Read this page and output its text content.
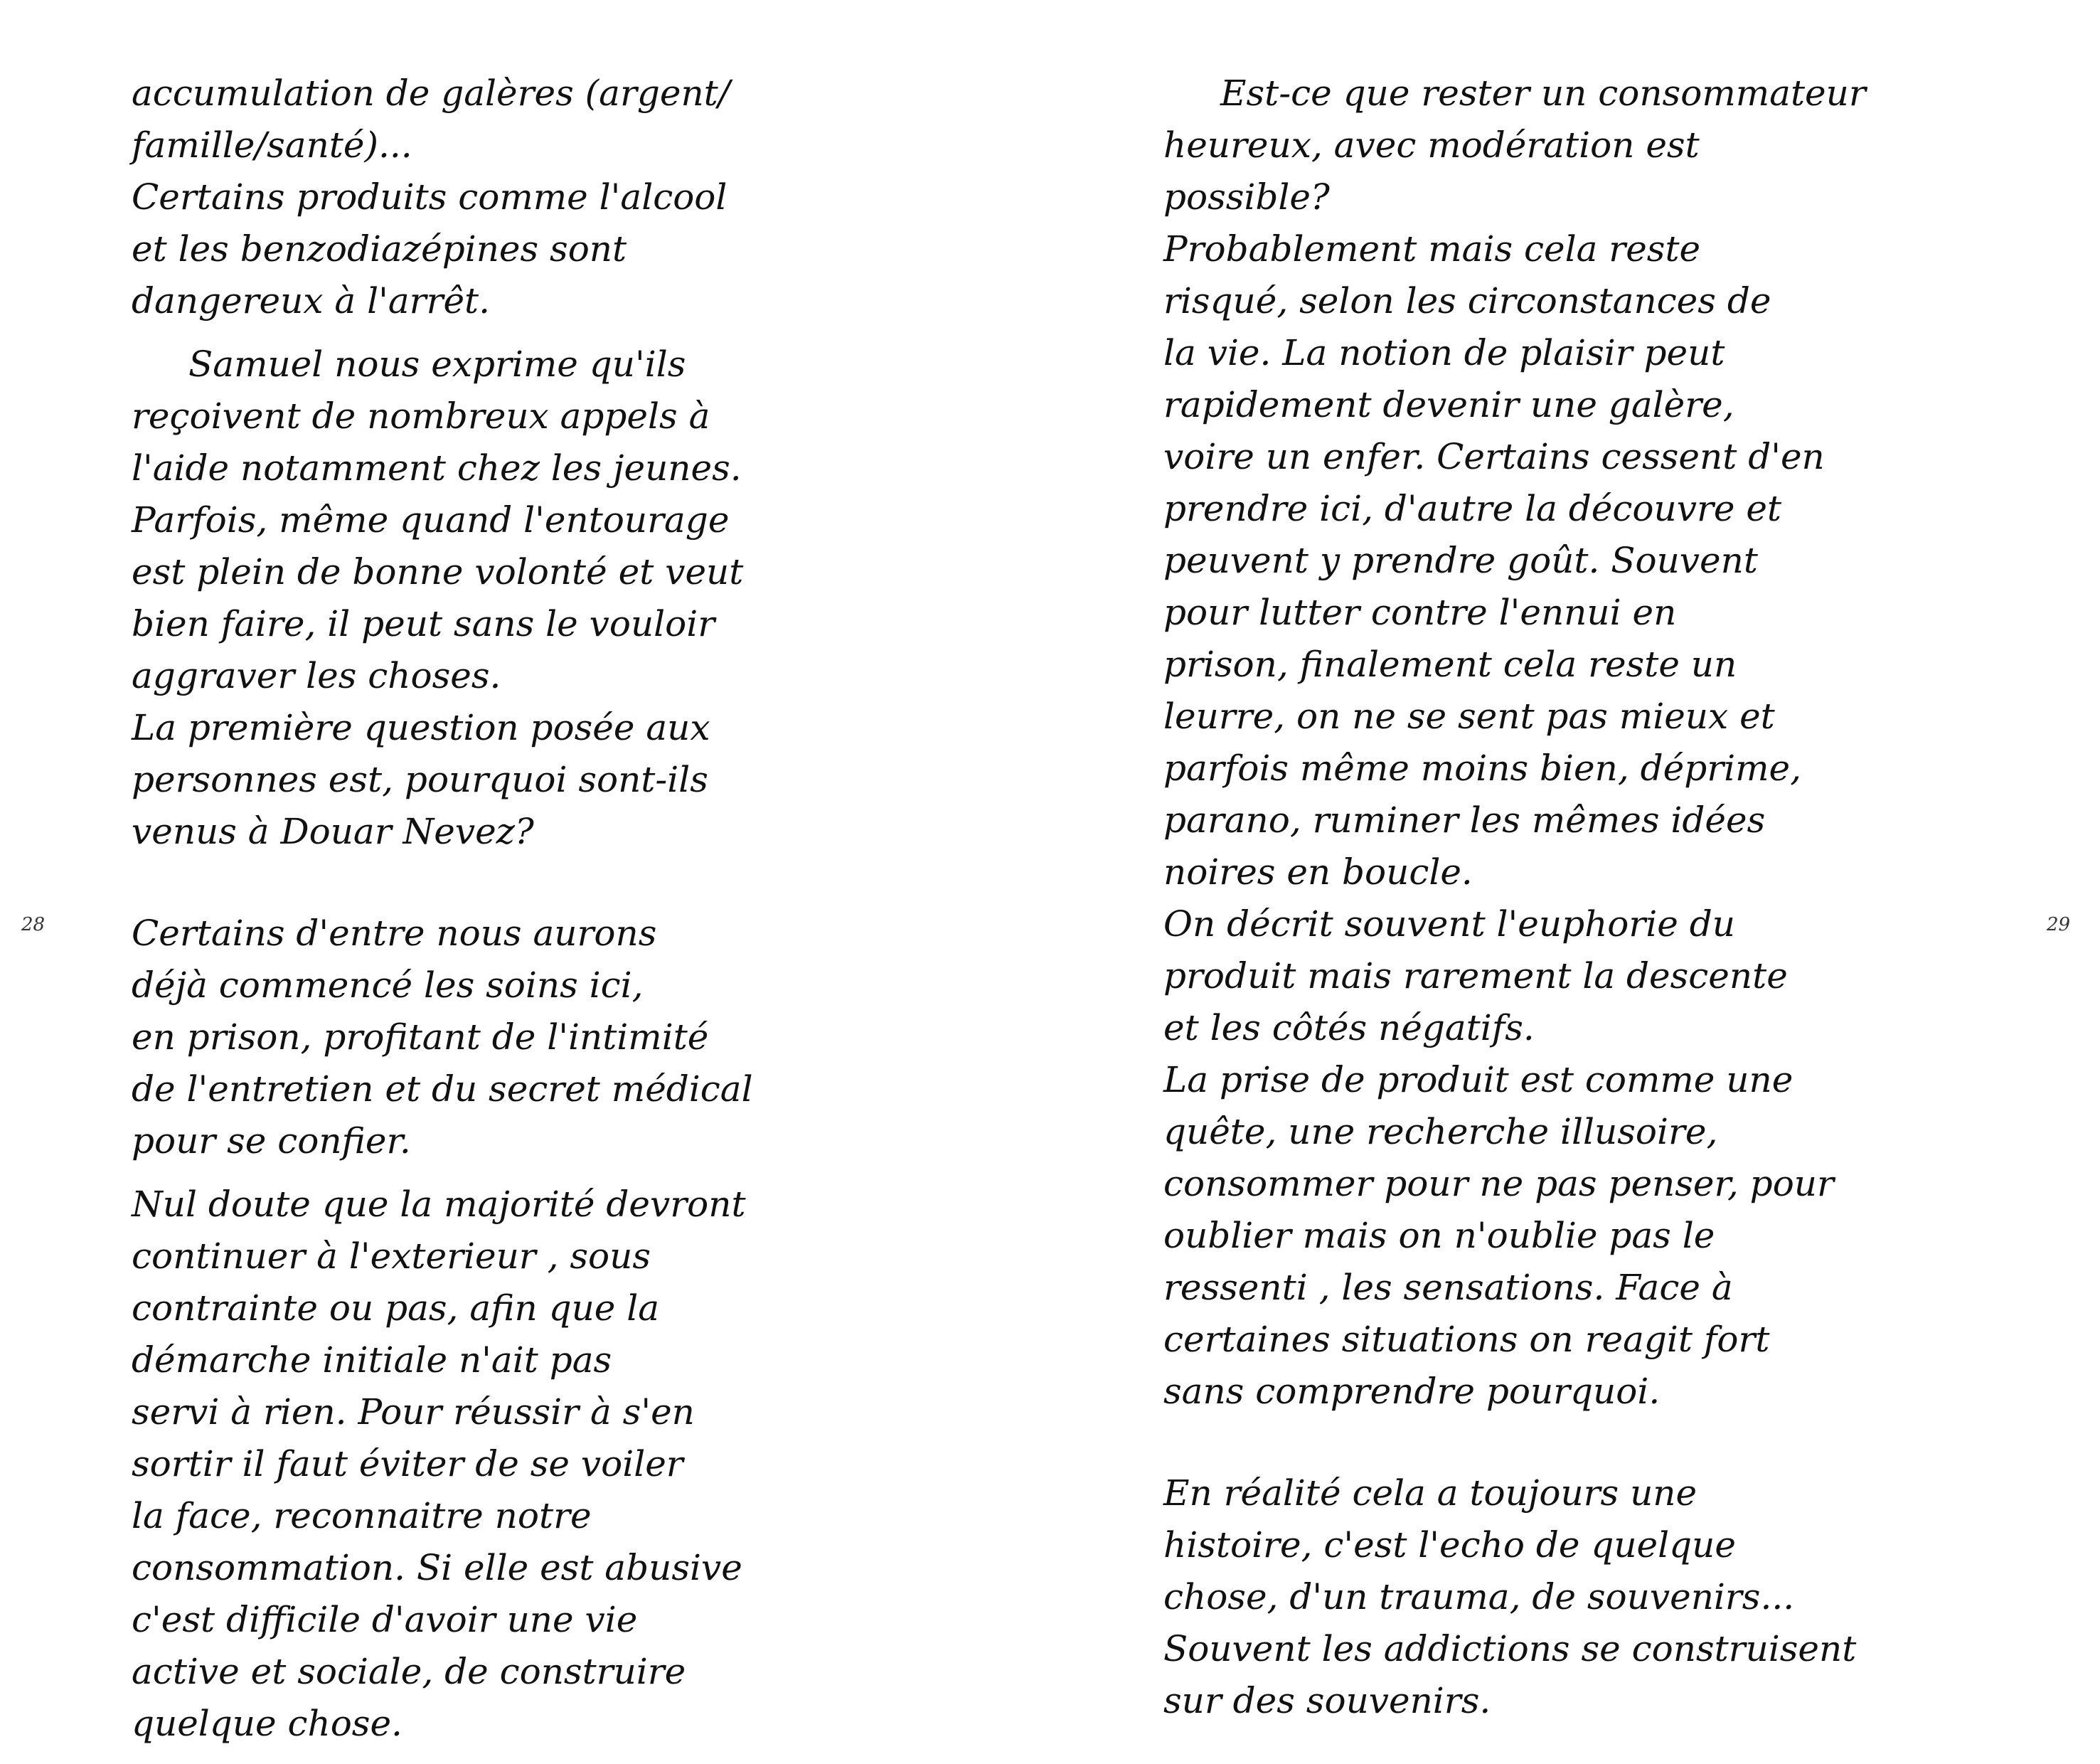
accumulation de galères (argent/
famille/santé)...
Certains produits comme l'alcool
et les benzodiazépines sont
dangereux à l'arrêt.
Samuel nous exprime qu'ils
reçoivent de nombreux appels à
l'aide notamment chez les jeunes.
Parfois, même quand l'entourage
est plein de bonne volonté et veut
bien faire, il peut sans le vouloir
aggraver les choses.
La première question posée aux
personnes est, pourquoi sont-ils
venus à Douar Nevez?
Certains d'entre nous aurons
déjà commencé les soins ici,
en prison, profitant de l'intimité
de l'entretien et du secret médical
pour se confier.
Nul doute que la majorité devront
continuer à l'exterieur , sous
contrainte ou pas, afin que la
démarche initiale n'ait pas
servi à rien. Pour réussir à s'en
sortir il faut éviter de se voiler
la face, reconnaitre notre
consommation. Si elle est abusive
c'est difficile d'avoir une vie
active et sociale, de construire
quelque chose.
28
Est-ce que rester un consommateur
heureux, avec modération est
possible?
Probablement mais cela reste
risqué, selon les circonstances de
la vie. La notion de plaisir peut
rapidement devenir une galère,
voire un enfer. Certains cessent d'en
prendre ici, d'autre la découvre et
peuvent y prendre goût. Souvent
pour lutter contre l'ennui en
prison, finalement cela reste un
leurre, on ne se sent pas mieux et
parfois même moins bien, déprime,
parano, ruminer les mêmes idées
noires en boucle.
On décrit souvent l'euphorie du
produit mais rarement la descente
et les côtés négatifs.
La prise de produit est comme une
quête, une recherche illusoire,
consommer pour ne pas penser, pour
oublier mais on n'oublie pas le
ressenti , les sensations. Face à
certaines situations on reagit fort
sans comprendre pourquoi.
En réalité cela a toujours une
histoire, c'est l'echo de quelque
chose, d'un trauma, de souvenirs...
Souvent les addictions se construisent
sur des souvenirs.
29
